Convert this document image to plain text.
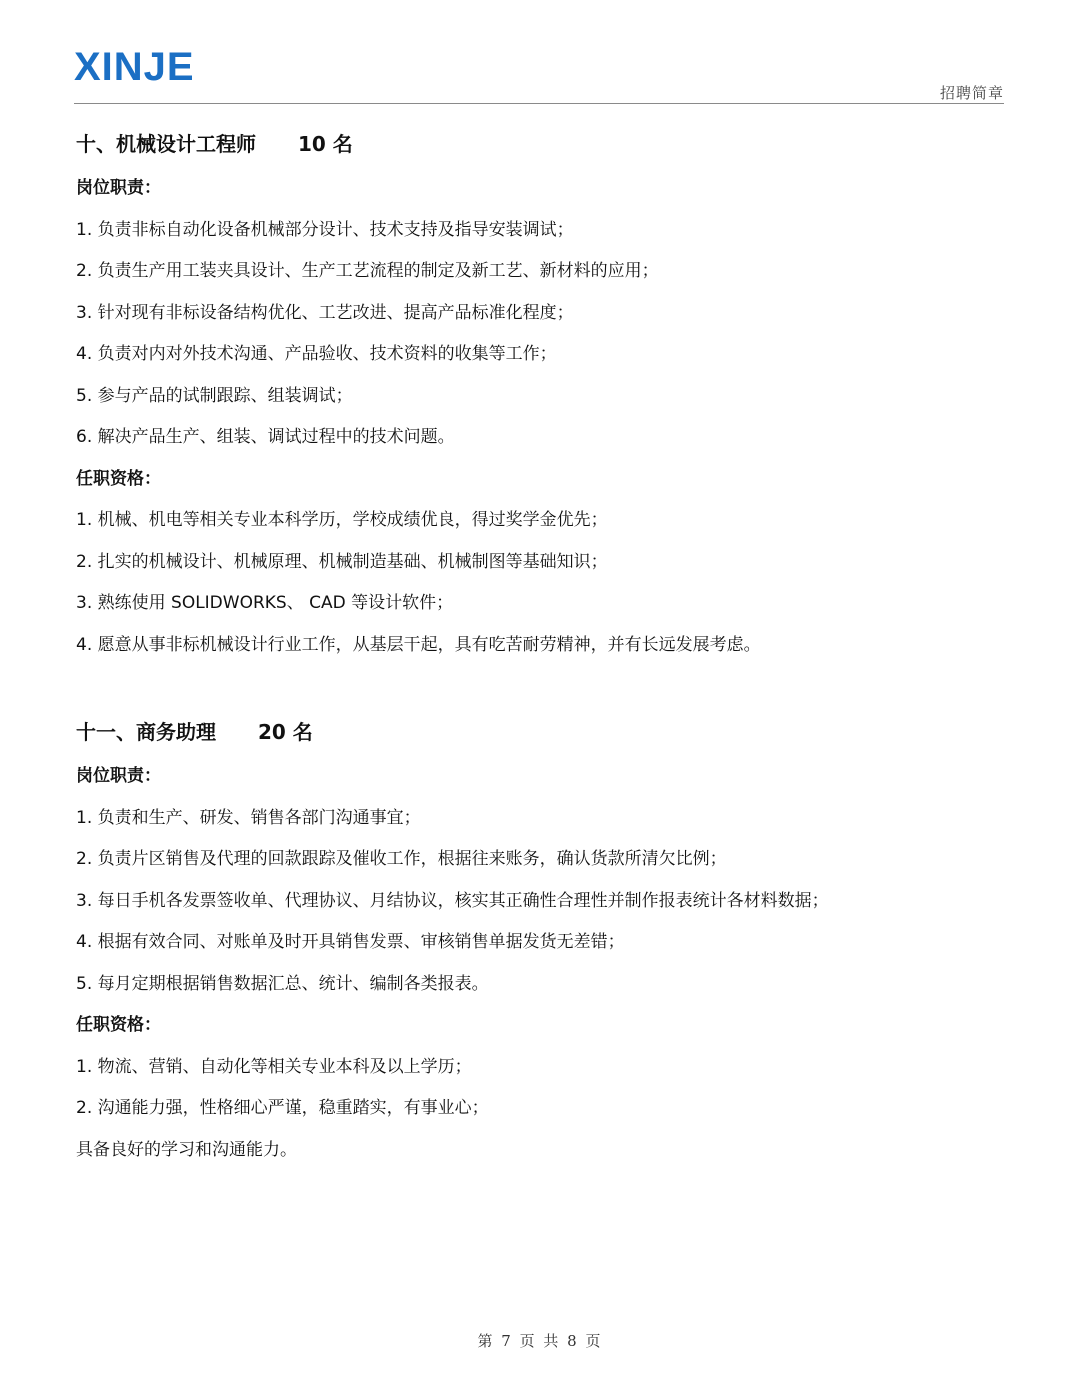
XINJE
招聘简章
十、机械设计工程师 10 名
岗位职责：
1. 负责非标自动化设备机械部分设计、技术支持及指导安装调试；
2. 负责生产用工装夹具设计、生产工艺流程的制定及新工艺、新材料的应用；
3. 针对现有非标设备结构优化、工艺改进、提高产品标准化程度；
4. 负责对内对外技术沟通、产品验收、技术资料的收集等工作；
5. 参与产品的试制跟踪、组装调试；
6. 解决产品生产、组装、调试过程中的技术问题。
任职资格：
1. 机械、机电等相关专业本科学历，学校成绩优良，得过奖学金优先；
2. 扎实的机械设计、机械原理、机械制造基础、机械制图等基础知识；
3. 熟练使用 SOLIDWORKS、 CAD 等设计软件；
4. 愿意从事非标机械设计行业工作，从基层干起，具有吃苦耐劳精神，并有长远发展考虑。
十一、商务助理 20 名
岗位职责：
1. 负责和生产、研发、销售各部门沟通事宜；
2. 负责片区销售及代理的回款跟踪及催收工作，根据往来账务，确认货款所清欠比例；
3. 每日手机各发票签收单、代理协议、月结协议，核实其正确性合理性并制作报表统计各材料数据；
4. 根据有效合同、对账单及时开具销售发票、审核销售单据发货无差错；
5. 每月定期根据销售数据汇总、统计、编制各类报表。
任职资格：
1. 物流、营销、自动化等相关专业本科及以上学历；
2. 沟通能力强，性格细心严谨，稳重踏实，有事业心；
具备良好的学习和沟通能力。
第 7 页 共 8 页
